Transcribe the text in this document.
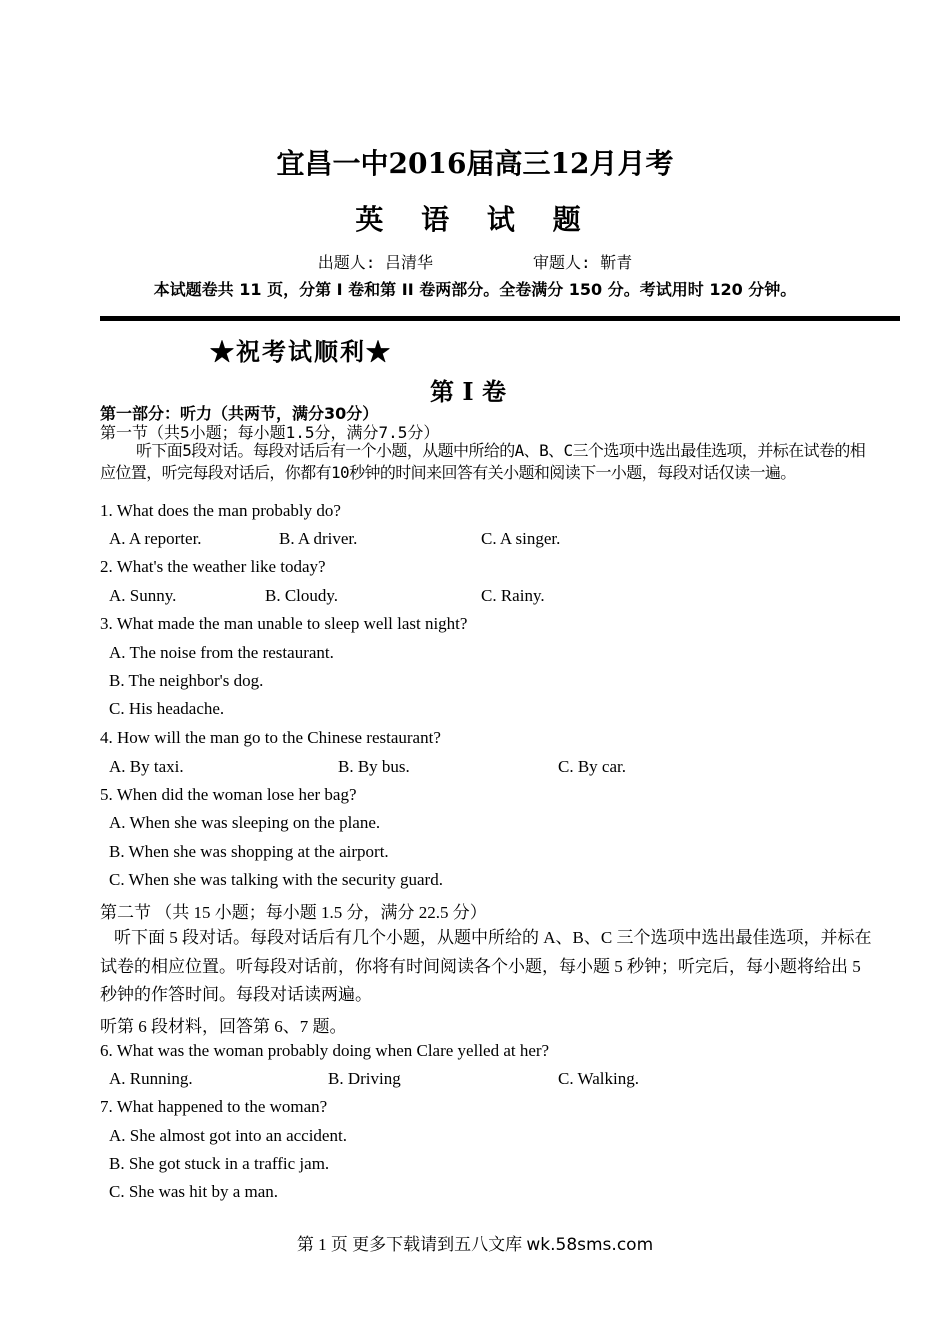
宜昌一中2016届高三12月月考
英 语 试 题
出题人: 吕清华	审题人: 靳青
本试题卷共 11 页，分第 I 卷和第 II 卷两部分。全卷满分 150 分。考试用时 120 分钟。
★祝考试顺利★
第 I 卷
第一部分：听力（共两节，满分30分）
第一节（共5小题；每小题1.5分，满分7.5分）
听下面5段对话。每段对话后有一个小题，从题中所给的A、B、C三个选项中选出最佳选项，并标在试卷的相应位置，听完每段对话后，你都有10秒钟的时间来回答有关小题和阅读下一小题，每段对话仅读一遍。
1. What does the man probably do?
A. A reporter.	B. A driver.	C. A singer.
2. What's the weather like today?
A. Sunny.	B. Cloudy.	C. Rainy.
3. What made the man unable to sleep well last night?
A. The noise from the restaurant.
B. The neighbor's dog.
C. His headache.
4. How will the man go to the Chinese restaurant?
A. By taxi.	B. By bus.	C. By car.
5. When did the woman lose her bag?
A. When she was sleeping on the plane.
B. When she was shopping at the airport.
C. When she was talking with the security guard.
第二节 （共 15 小题；每小题 1.5 分，满分 22.5 分）
听下面 5 段对话。每段对话后有几个小题，从题中所给的 A、B、C 三个选项中选出最佳选项，并标在试卷的相应位置。听每段对话前，你将有时间阅读各个小题，每小题 5 秒钟；听完后，每小题将给出 5 秒钟的作答时间。每段对话读两遍。
听第 6 段材料，回答第 6、7 题。
6. What was the woman probably doing when Clare yelled at her?
A. Running.	B. Driving	C. Walking.
7. What happened to the woman?
A. She almost got into an accident.
B. She got stuck in a traffic jam.
C. She was hit by a man.
第 1 页 更多下载请到五八文库 wk.58sms.com
